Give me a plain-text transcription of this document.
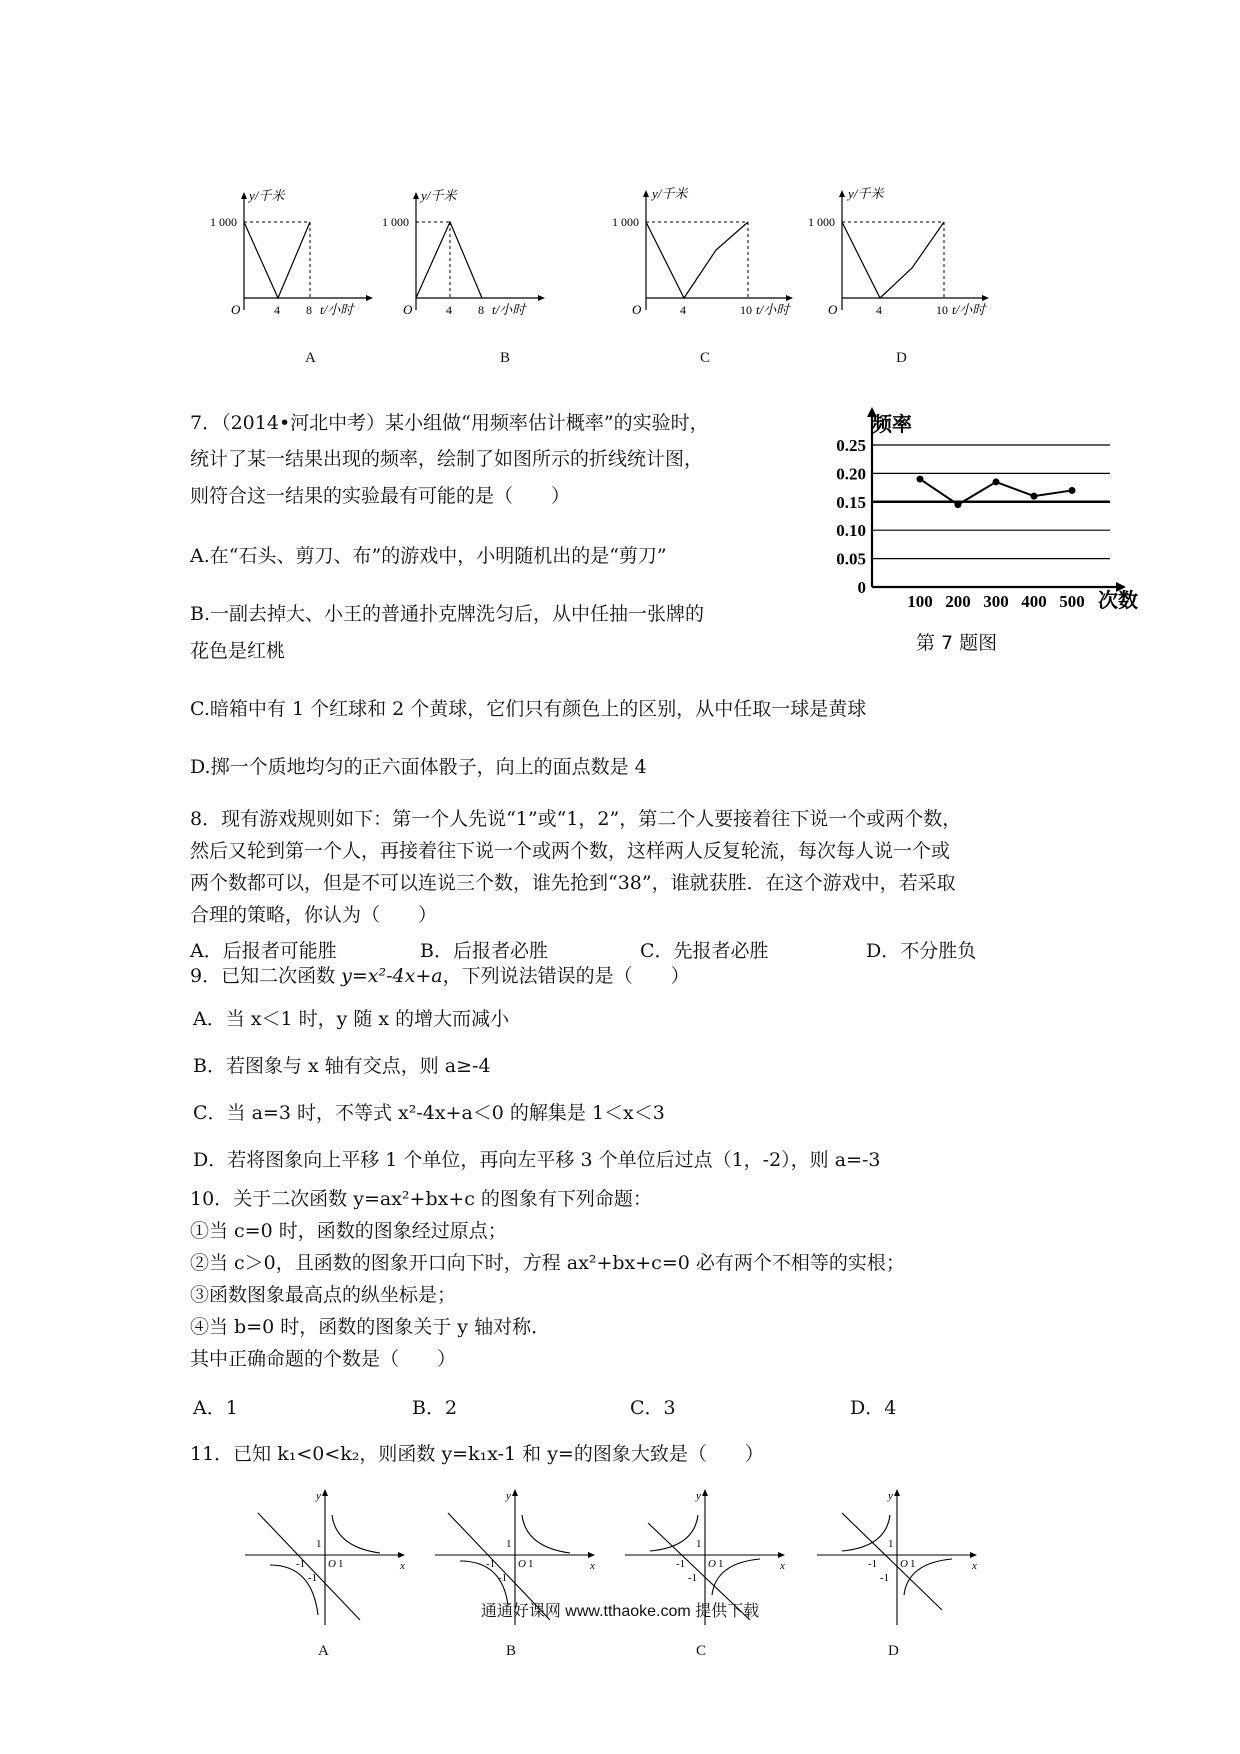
y/千米
1 000
O	4 8 t/小时
A
y/千米
1 000
O	4 8 t/小时
B
y/千米
1 000
O	4	10 t/小时
C
y/千米
1 000
O	4	10 t/小时
D
7．（2014•河北中考）某小组做“用频率估计概率”的实验时，
统计了某一结果出现的频率，绘制了如图所示的折线统计图，
则符合这一结果的实验最有可能的是（　　）
A.在“石头、剪刀、布”的游戏中，小明随机出的是“剪刀”
B.一副去掉大、小王的普通扑克牌洗匀后，从中任抽一张牌的
花色是红桃
C.暗箱中有 1 个红球和 2 个黄球，它们只有颜色上的区别，从中任取一球是黄球
D.掷一个质地均匀的正六面体骰子，向上的面点数是 4
0
0.05
0.10
0.15
0.20
0.25
100 200 300 400 500
频率
次数
第 7 题图
8．现有游戏规则如下：第一个人先说“1”或“1，2”，第二个人要接着往下说一个或两个数，
然后又轮到第一个人，再接着往下说一个或两个数，这样两人反复轮流，每次每人说一个或
两个数都可以，但是不可以连说三个数，谁先抢到“38”，谁就获胜．在这个游戏中，若采取
合理的策略，你认为（　　）
A．后报者可能胜	B．后报者必胜	C．先报者必胜	D．不分胜负
9．已知二次函数 y=x²-4x+a，下列说法错误的是（　　）
A．当 x＜1 时，y 随 x 的增大而减小
B．若图象与 x 轴有交点，则 a≥-4
C．当 a=3 时，不等式 x²-4x+a＜0 的解集是 1＜x＜3
D．若将图象向上平移 1 个单位，再向左平移 3 个单位后过点（1，-2），则 a=-3
10．关于二次函数 y=ax²+bx+c 的图象有下列命题：
①当 c=0 时，函数的图象经过原点；
②当 c＞0，且函数的图象开口向下时，方程 ax²+bx+c=0 必有两个不相等的实根；
③函数图象最高点的纵坐标是；
④当 b=0 时，函数的图象关于 y 轴对称．
其中正确命题的个数是（　　）
A．1	B．2	C．3	D．4
11．已知 k₁<0<k₂，则函数 y=k₁x-1 和 y=的图象大致是（　　）
y
x
O 1
1
-1
-1
A
y
x
O 1
1
-1
-1
B
y
x
O 1
1
-1
-1
C
y
x
O 1
1
-1
-1
D
通通好课网 www.tthaoke.com 提供下载
